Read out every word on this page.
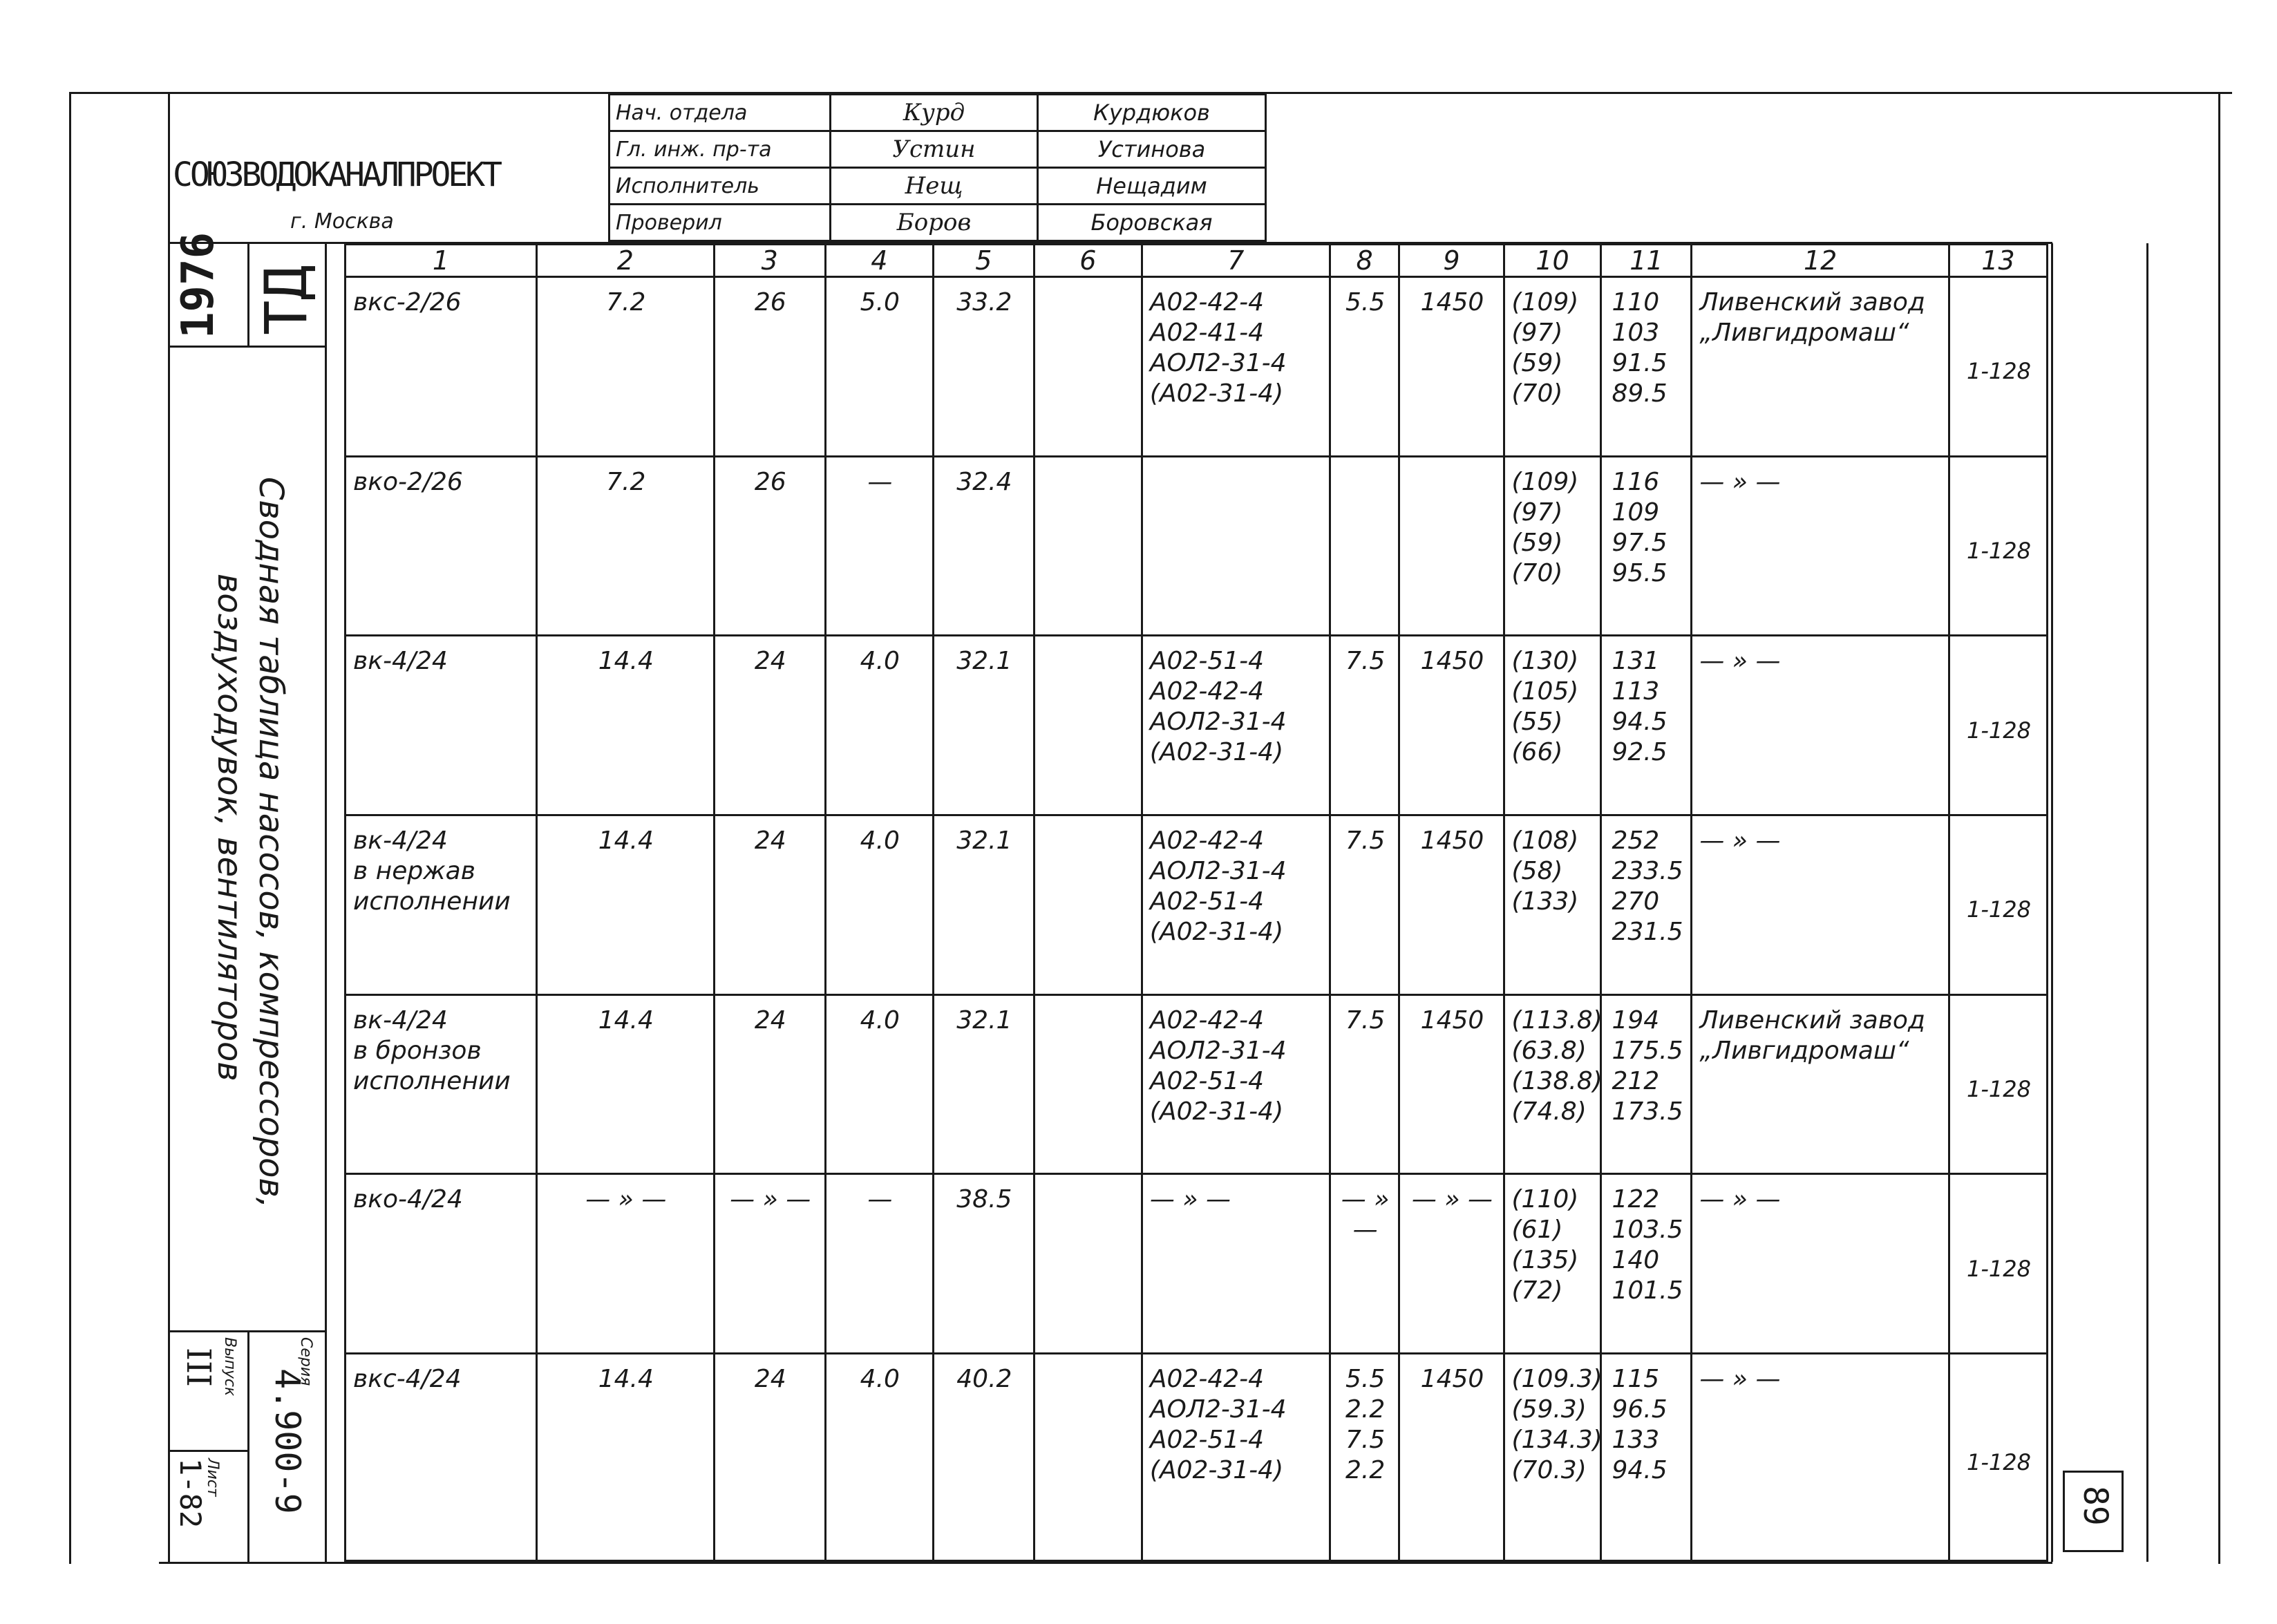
СОЮЗВОДОКАНАЛПРОЕКТ
г. Москва
Нач. отдела	Курд	Курдюков
Гл. инж. пр-та	Устин	Устинова
Исполнитель	Нещ	Нещадим
Проверил	Боров	Боровская
1976 ТД
Сводная таблица насосов, компрессоров,
воздуходувок, вентиляторов
Серия
4.900-9
Выпуск
III
Лист
1-82	89
1	2	3	4	5	6	7	8	9	10	11	12	13
вкс-2/26	7.2	26	5.0	33.2		А02-42-4
А02-41-4
АОЛ2-31-4
(А02-31-4)	5.5	1450	(109)
(97)
(59)
(70)	110
103
91.5
89.5	Ливенский завод „Ливгидромаш“	1-128
вко-2/26	7.2	26	—	32.4					(109)
(97)
(59)
(70)	116
109
97.5
95.5	— » —	1-128
вк-4/24	14.4	24	4.0	32.1		А02-51-4
А02-42-4
АОЛ2-31-4
(А02-31-4)	7.5	1450	(130)
(105)
(55)
(66)	131
113
94.5
92.5	— » —	1-128
вк-4/24
в нержав
исполнении	14.4	24	4.0	32.1		А02-42-4
АОЛ2-31-4
А02-51-4
(А02-31-4)	7.5	1450	(108)
(58)
(133)	252
233.5
270
231.5	— » —	1-128
вк-4/24
в бронзов
исполнении	14.4	24	4.0	32.1		А02-42-4
АОЛ2-31-4
А02-51-4
(А02-31-4)	7.5	1450	(113.8)
(63.8)
(138.8)
(74.8)	194
175.5
212
173.5	Ливенский завод „Ливгидромаш“	1-128
вко-4/24	— » —	— » —	—	38.5		— » —	— » —	— » —	(110)
(61)
(135)
(72)	122
103.5
140
101.5	— » —	1-128
вкс-4/24	14.4	24	4.0	40.2		А02-42-4
АОЛ2-31-4
А02-51-4
(А02-31-4)	5.5
2.2
7.5
2.2	1450	(109.3)
(59.3)
(134.3)
(70.3)	115
96.5
133
94.5	— » —	1-128
